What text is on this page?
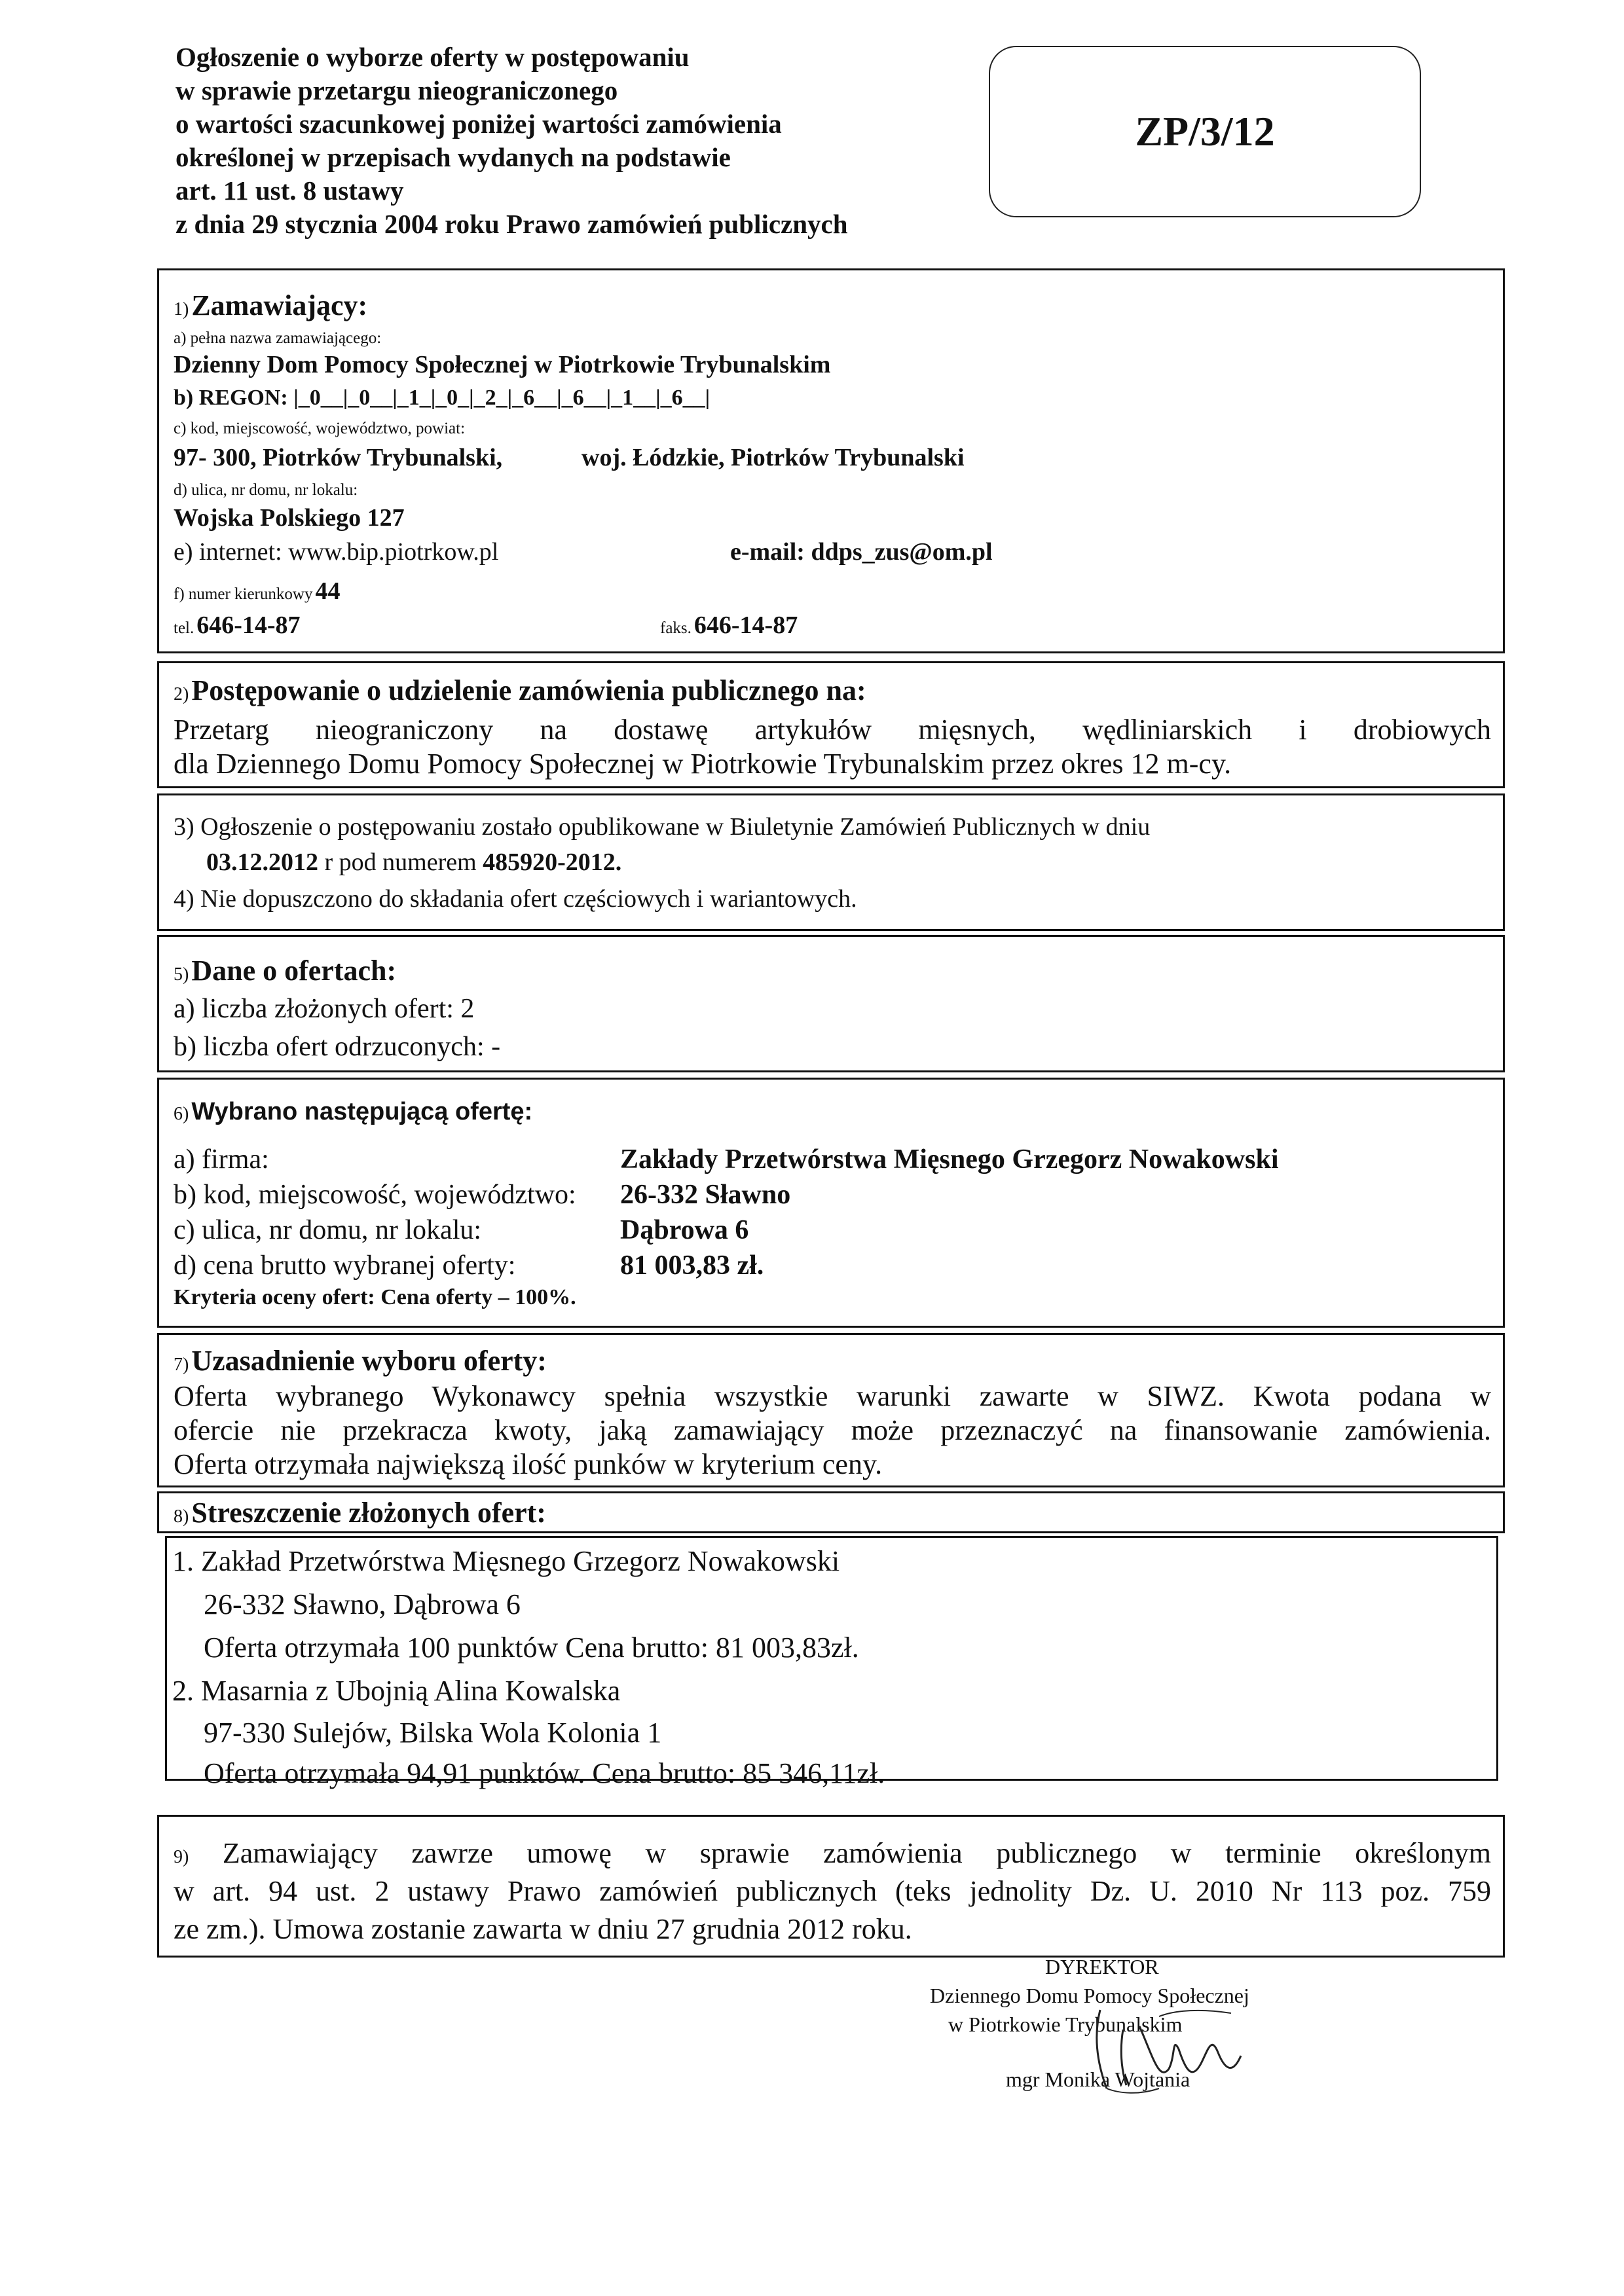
Ogłoszenie o wyborze oferty w postępowaniu
w sprawie przetargu nieograniczonego
o wartości szacunkowej poniżej wartości zamówienia
określonej w przepisach wydanych na podstawie
art. 11 ust. 8 ustawy
z dnia 29 stycznia 2004 roku Prawo zamówień publicznych
ZP/3/12
1) Zamawiający:
a) pełna nazwa zamawiającego:
Dzienny Dom Pomocy Społecznej w Piotrkowie Trybunalskim
b) REGON: |_0__|_0__|_1_|_0_|_2_|_6__|_6__|_1__|_6__|
c) kod, miejscowość, województwo, powiat:
97- 300, Piotrków Trybunalski,	woj. Łódzkie, Piotrków Trybunalski
d) ulica, nr domu, nr lokalu:
Wojska Polskiego 127
e) internet: www.bip.piotrkow.pl	e-mail: ddps_zus@om.pl
f) numer kierunkowy 44
tel. 646-14-87	faks. 646-14-87
2) Postępowanie o udzielenie zamówienia publicznego na:
Przetarg nieograniczony na dostawę artykułów mięsnych, wędliniarskich i drobiowych
dla Dziennego Domu Pomocy Społecznej w Piotrkowie Trybunalskim przez okres 12 m-cy.
3) Ogłoszenie o postępowaniu zostało opublikowane w Biuletynie Zamówień Publicznych w dniu
03.12.2012 r pod numerem 485920-2012.
4) Nie dopuszczono do składania ofert częściowych i wariantowych.
5) Dane o ofertach:
a) liczba złożonych ofert: 2
b) liczba ofert odrzuconych: -
6) Wybrano następującą ofertę:
a) firma:	Zakłady Przetwórstwa Mięsnego Grzegorz Nowakowski
b) kod, miejscowość, województwo: 26-332 Sławno
c) ulica, nr domu, nr lokalu:	Dąbrowa 6
d) cena brutto wybranej oferty:	81 003,83 zł.
Kryteria oceny ofert: Cena oferty – 100%.
7) Uzasadnienie wyboru oferty:
Oferta wybranego Wykonawcy spełnia wszystkie warunki zawarte w SIWZ. Kwota podana w
ofercie nie przekracza kwoty, jaką zamawiający może przeznaczyć na finansowanie zamówienia.
Oferta otrzymała największą ilość punków w kryterium ceny.
8) Streszczenie złożonych ofert:
1. Zakład Przetwórstwa Mięsnego Grzegorz Nowakowski
26-332 Sławno, Dąbrowa 6
Oferta otrzymała 100 punktów Cena brutto: 81 003,83zł.
2. Masarnia z Ubojnią Alina Kowalska
97-330 Sulejów, Bilska Wola Kolonia 1
Oferta otrzymała 94,91 punktów. Cena brutto: 85 346,11zł.
9) Zamawiający zawrze umowę w sprawie zamówienia publicznego w terminie określonym
w art. 94 ust. 2 ustawy Prawo zamówień publicznych (teks jednolity Dz. U. 2010 Nr 113 poz. 759
ze zm.). Umowa zostanie zawarta w dniu 27 grudnia 2012 roku.
DYREKTOR
Dziennego Domu Pomocy Społecznej
w Piotrkowie Trybunalskim
mgr Monika Wojtania
